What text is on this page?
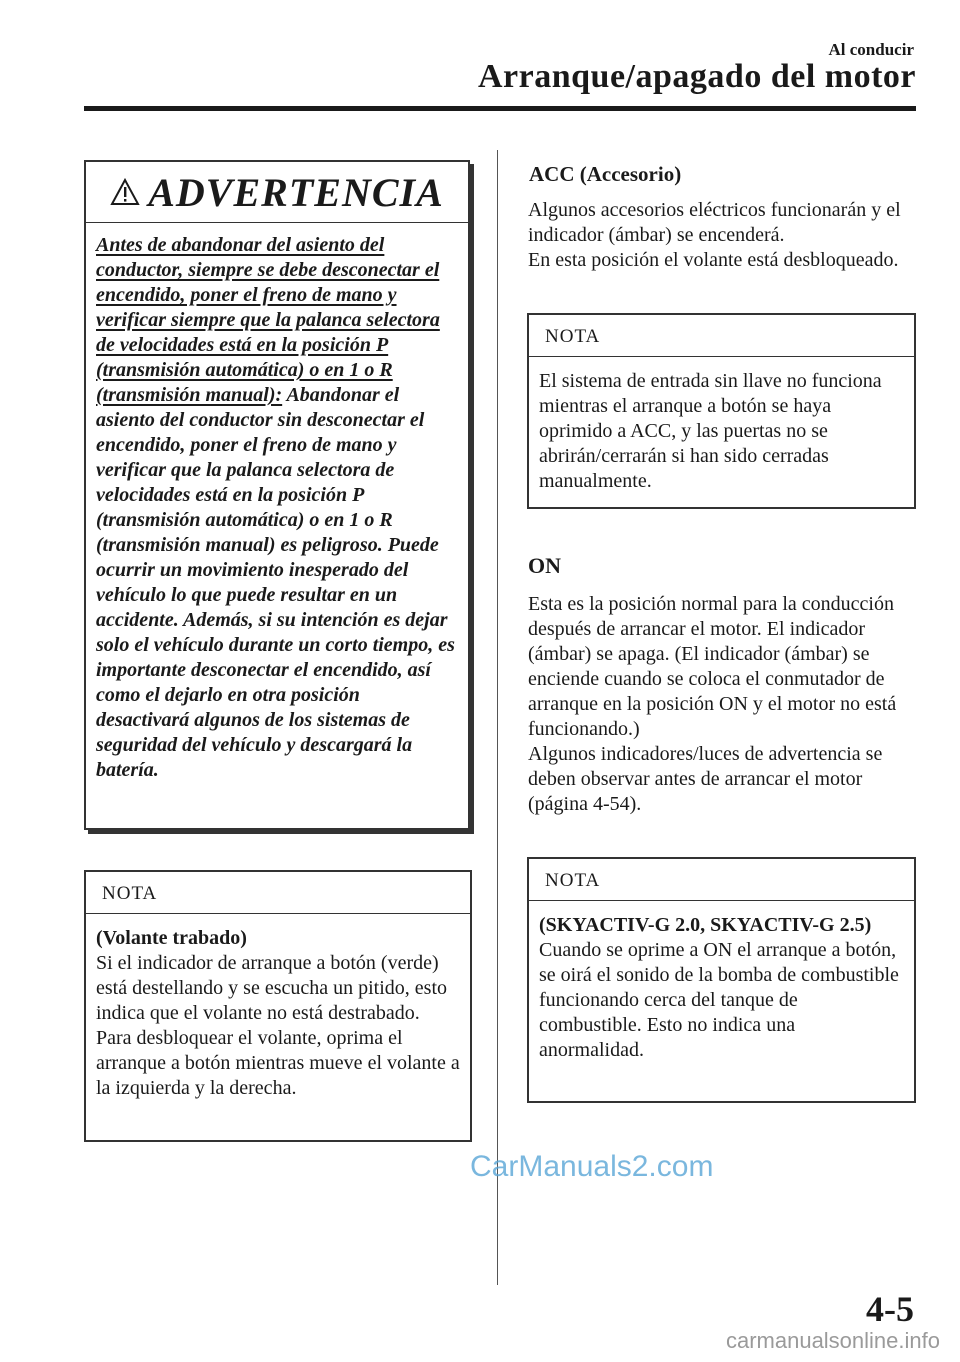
Al conducir
Arranque/apagado del motor
ADVERTENCIA
Antes de abandonar del asiento del conductor, siempre se debe desconectar el encendido, poner el freno de mano y verificar siempre que la palanca selectora de velocidades está en la posición P (transmisión automática) o en 1 o R (transmisión manual): Abandonar el asiento del conductor sin desconectar el encendido, poner el freno de mano y verificar que la palanca selectora de velocidades está en la posición P (transmisión automática) o en 1 o R (transmisión manual) es peligroso. Puede ocurrir un movimiento inesperado del vehículo lo que puede resultar en un accidente. Además, si su intención es dejar solo el vehículo durante un corto tiempo, es importante desconectar el encendido, así como el dejarlo en otra posición desactivará algunos de los sistemas de seguridad del vehículo y descargará la batería.
NOTA
(Volante trabado)
Si el indicador de arranque a botón (verde) está destellando y se escucha un pitido, esto indica que el volante no está destrabado. Para desbloquear el volante, oprima el arranque a botón mientras mueve el volante a la izquierda y la derecha.
ACC (Accesorio)
Algunos accesorios eléctricos funcionarán y el indicador (ámbar) se encenderá.
En esta posición el volante está desbloqueado.
NOTA
El sistema de entrada sin llave no funciona mientras el arranque a botón se haya oprimido a ACC, y las puertas no se abrirán/cerrarán si han sido cerradas manualmente.
ON
Esta es la posición normal para la conducción después de arrancar el motor. El indicador (ámbar) se apaga. (El indicador (ámbar) se enciende cuando se coloca el conmutador de arranque en la posición ON y el motor no está funcionando.)
Algunos indicadores/luces de advertencia se deben observar antes de arrancar el motor (página 4-54).
NOTA
(SKYACTIV-G 2.0, SKYACTIV-G 2.5)
Cuando se oprime a ON el arranque a botón, se oirá el sonido de la bomba de combustible funcionando cerca del tanque de combustible. Esto no indica una anormalidad.
CarManuals2.com
4-5
carmanualsonline.info
